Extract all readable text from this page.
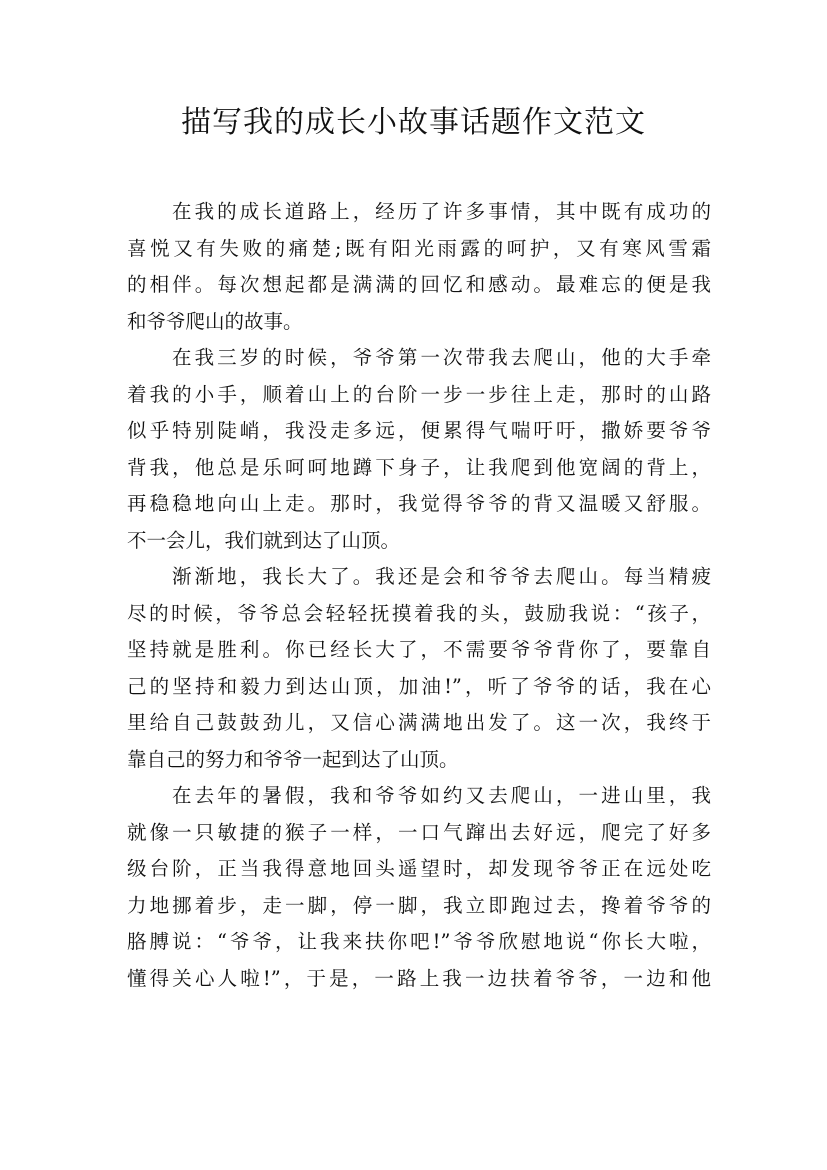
描写我的成长小故事话题作文范文
在我的成长道路上，经历了许多事情，其中既有成功的
喜悦又有失败的痛楚;既有阳光雨露的呵护，又有寒风雪霜
的相伴。每次想起都是满满的回忆和感动。最难忘的便是我
和爷爷爬山的故事。
在我三岁的时候，爷爷第一次带我去爬山，他的大手牵
着我的小手，顺着山上的台阶一步一步往上走，那时的山路
似乎特别陡峭，我没走多远，便累得气喘吁吁，撒娇要爷爷
背我，他总是乐呵呵地蹲下身子，让我爬到他宽阔的背上，
再稳稳地向山上走。那时，我觉得爷爷的背又温暖又舒服。
不一会儿，我们就到达了山顶。
渐渐地，我长大了。我还是会和爷爷去爬山。每当精疲
尽的时候，爷爷总会轻轻抚摸着我的头，鼓励我说：“孩子，
坚持就是胜利。你已经长大了，不需要爷爷背你了，要靠自
己的坚持和毅力到达山顶，加油!”，听了爷爷的话，我在心
里给自己鼓鼓劲儿，又信心满满地出发了。这一次，我终于
靠自己的努力和爷爷一起到达了山顶。
在去年的暑假，我和爷爷如约又去爬山，一进山里，我
就像一只敏捷的猴子一样，一口气蹿出去好远，爬完了好多
级台阶，正当我得意地回头遥望时，却发现爷爷正在远处吃
力地挪着步，走一脚，停一脚，我立即跑过去，搀着爷爷的
胳膊说：“爷爷，让我来扶你吧!”爷爷欣慰地说“你长大啦，
懂得关心人啦!”，于是，一路上我一边扶着爷爷，一边和他
